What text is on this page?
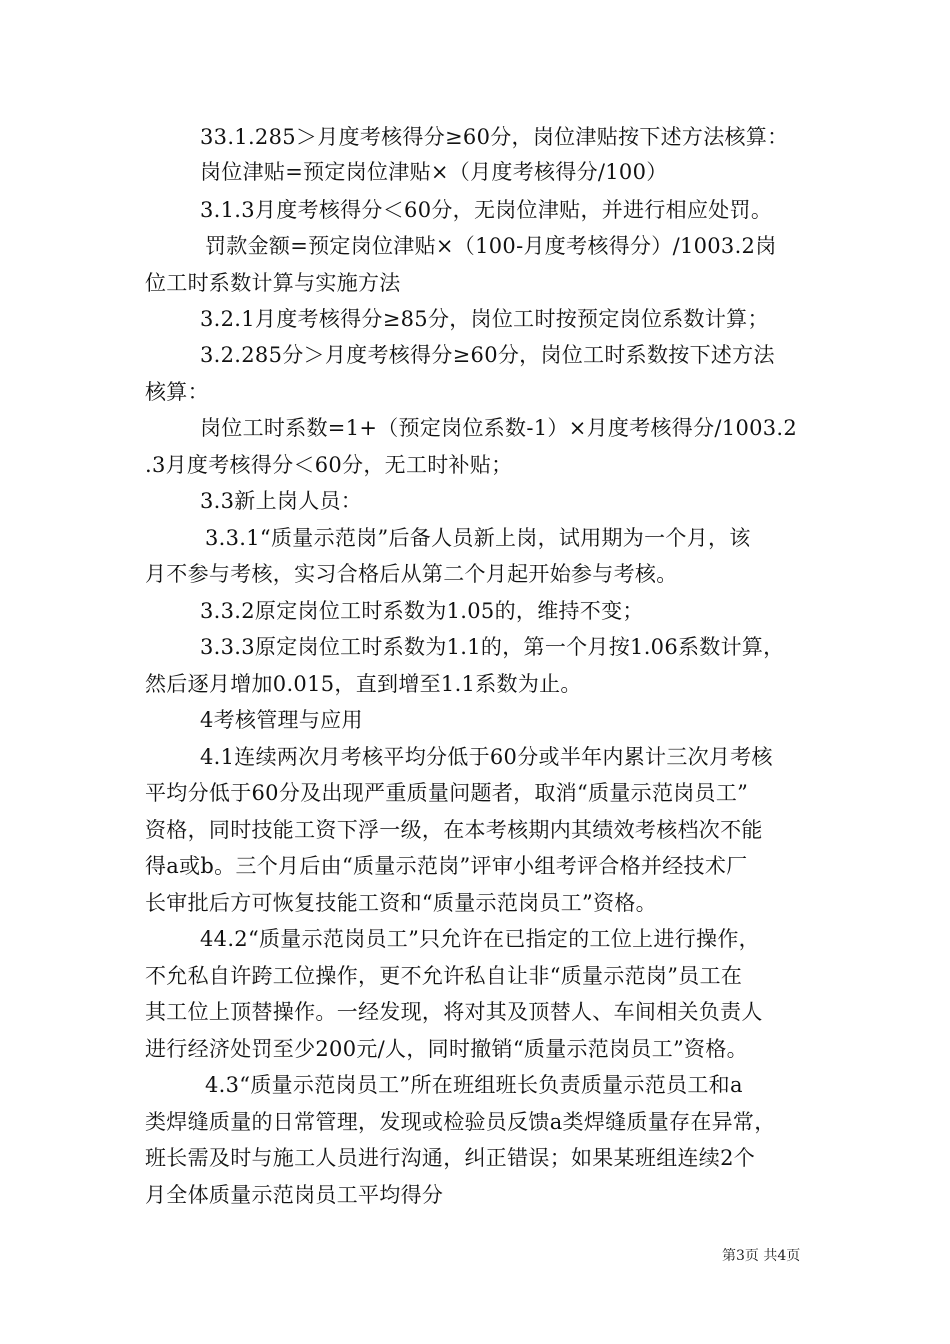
33.1.285＞月度考核得分≥60分，岗位津贴按下述方法核算：
岗位津贴=预定岗位津贴×（月度考核得分/100）
3.1.3月度考核得分＜60分，无岗位津贴，并进行相应处罚。
罚款金额=预定岗位津贴×（100-月度考核得分）/1003.2岗
位工时系数计算与实施方法
3.2.1月度考核得分≥85分，岗位工时按预定岗位系数计算；
3.2.285分＞月度考核得分≥60分，岗位工时系数按下述方法
核算：
岗位工时系数=1+（预定岗位系数-1）×月度考核得分/1003.2
.3月度考核得分＜60分，无工时补贴；
3.3新上岗人员：
3.3.1“质量示范岗”后备人员新上岗，试用期为一个月，该
月不参与考核，实习合格后从第二个月起开始参与考核。
3.3.2原定岗位工时系数为1.05的，维持不变；
3.3.3原定岗位工时系数为1.1的，第一个月按1.06系数计算，
然后逐月增加0.015，直到增至1.1系数为止。
4考核管理与应用
4.1连续两次月考核平均分低于60分或半年内累计三次月考核
平均分低于60分及出现严重质量问题者，取消“质量示范岗员工”
资格，同时技能工资下浮一级，在本考核期内其绩效考核档次不能
得a或b。三个月后由“质量示范岗”评审小组考评合格并经技术厂
长审批后方可恢复技能工资和“质量示范岗员工”资格。
44.2“质量示范岗员工”只允许在已指定的工位上进行操作，
不允私自许跨工位操作，更不允许私自让非“质量示范岗”员工在
其工位上顶替操作。一经发现，将对其及顶替人、车间相关负责人
进行经济处罚至少200元/人，同时撤销“质量示范岗员工”资格。
4.3“质量示范岗员工”所在班组班长负责质量示范员工和a
类焊缝质量的日常管理，发现或检验员反馈a类焊缝质量存在异常，
班长需及时与施工人员进行沟通，纠正错误；如果某班组连续2个
月全体质量示范岗员工平均得分
第3页 共4页
